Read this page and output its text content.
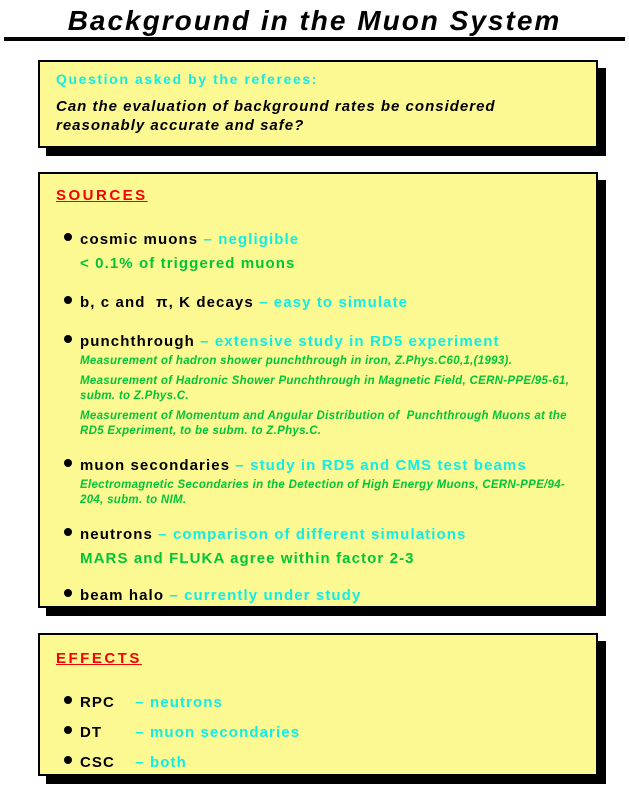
Background in the Muon System
Question asked by the referees:
Can the evaluation of background rates be considered reasonably accurate and safe?
SOURCES
cosmic muons – negligible
< 0.1% of triggered muons
b, c and  π, K decays – easy to simulate
punchthrough – extensive study in RD5 experiment

Measurement of hadron shower punchthrough in iron, Z.Phys.C60,1,(1993).

Measurement of Hadronic Shower Punchthrough in Magnetic Field, CERN-PPE/95-61, subm. to Z.Phys.C.

Measurement of Momentum and Angular Distribution of  Punchthrough Muons at the RD5 Experiment, to be subm. to Z.Phys.C.

muon secondaries – study in RD5 and CMS test beams

Electromagnetic Secondaries in the Detection of High Energy Muons, CERN-PPE/94-204, subm. to NIM.

neutrons – comparison of different simulations
MARS and FLUKA agree within factor 2-3
beam halo – currently under study
EFFECTS
RPC – neutrons
DT – muon secondaries
CSC – both
